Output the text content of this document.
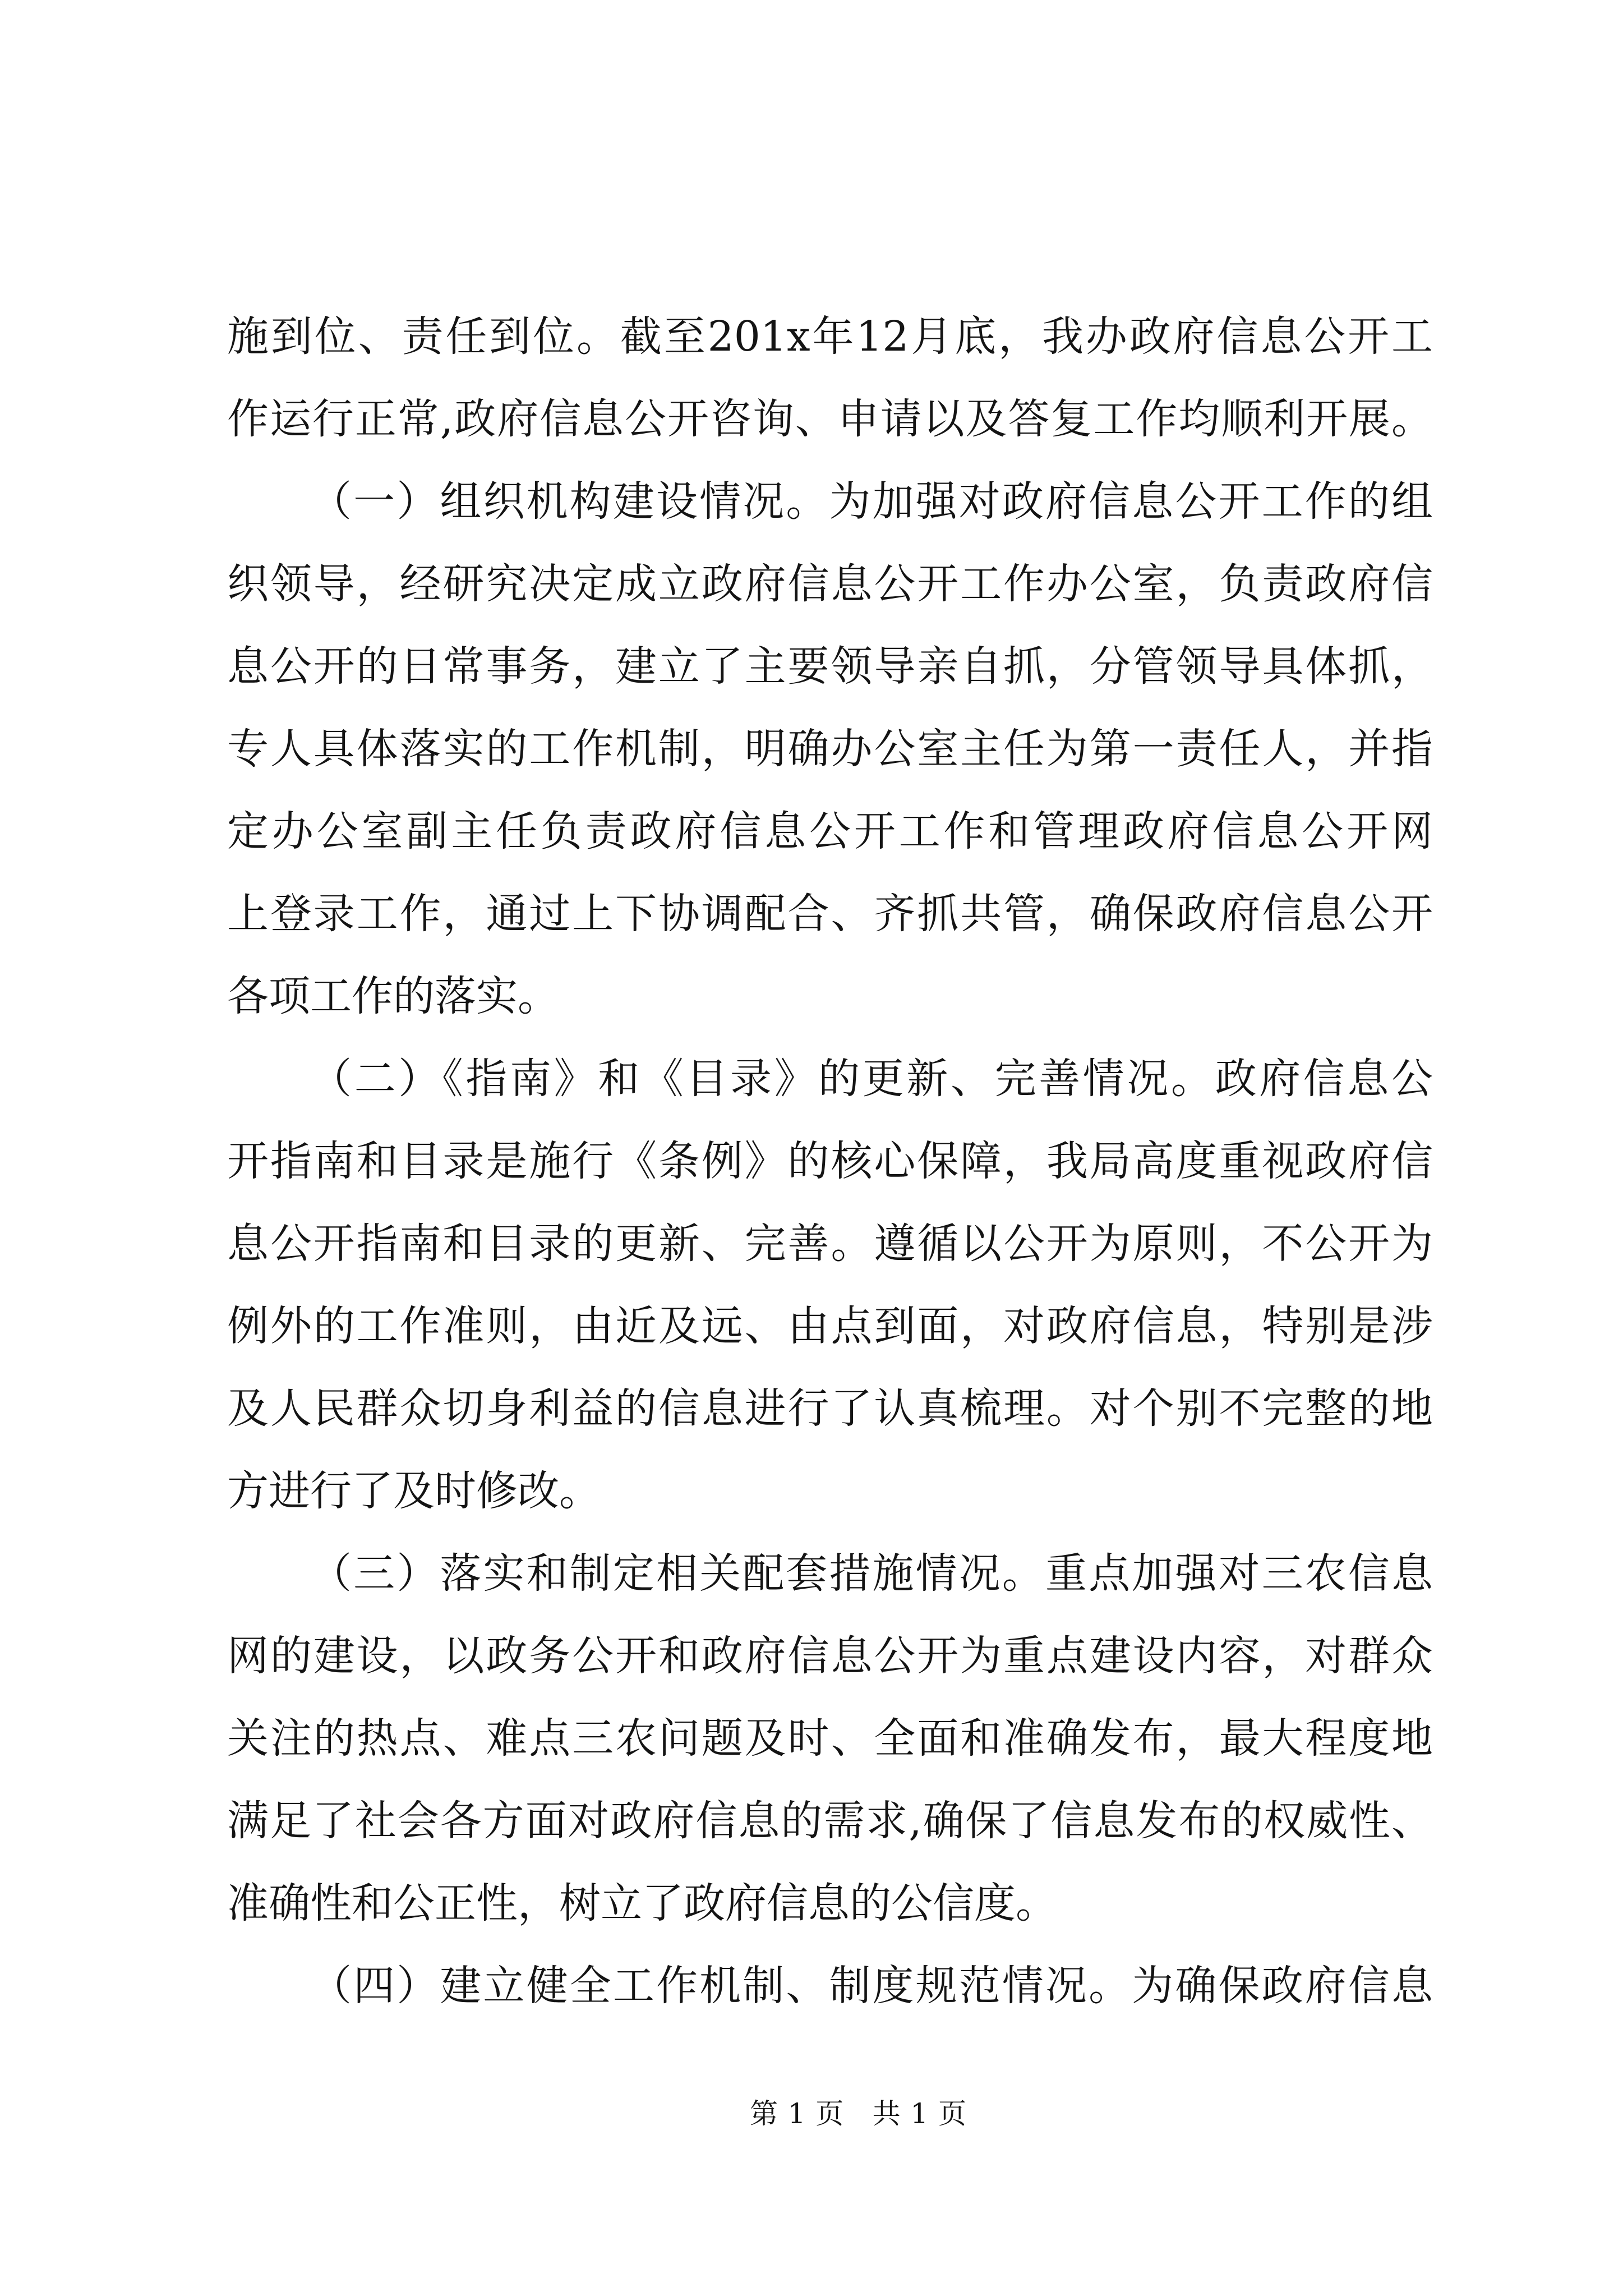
施到位、责任到位。截至201x年12月底，我办政府信息公开工
作运行正常,政府信息公开咨询、申请以及答复工作均顺利开展。
（一）组织机构建设情况。为加强对政府信息公开工作的组
织领导，经研究决定成立政府信息公开工作办公室，负责政府信
息公开的日常事务，建立了主要领导亲自抓，分管领导具体抓，
专人具体落实的工作机制，明确办公室主任为第一责任人，并指
定办公室副主任负责政府信息公开工作和管理政府信息公开网
上登录工作，通过上下协调配合、齐抓共管，确保政府信息公开
各项工作的落实。
（二）《指南》和《目录》的更新、完善情况。政府信息公
开指南和目录是施行《条例》的核心保障，我局高度重视政府信
息公开指南和目录的更新、完善。遵循以公开为原则，不公开为
例外的工作准则，由近及远、由点到面，对政府信息，特别是涉
及人民群众切身利益的信息进行了认真梳理。对个别不完整的地
方进行了及时修改。
（三）落实和制定相关配套措施情况。重点加强对三农信息
网的建设，以政务公开和政府信息公开为重点建设内容，对群众
关注的热点、难点三农问题及时、全面和准确发布，最大程度地
满足了社会各方面对政府信息的需求,确保了信息发布的权威性、
准确性和公正性，树立了政府信息的公信度。
（四）建立健全工作机制、制度规范情况。为确保政府信息
第1页 共1页
